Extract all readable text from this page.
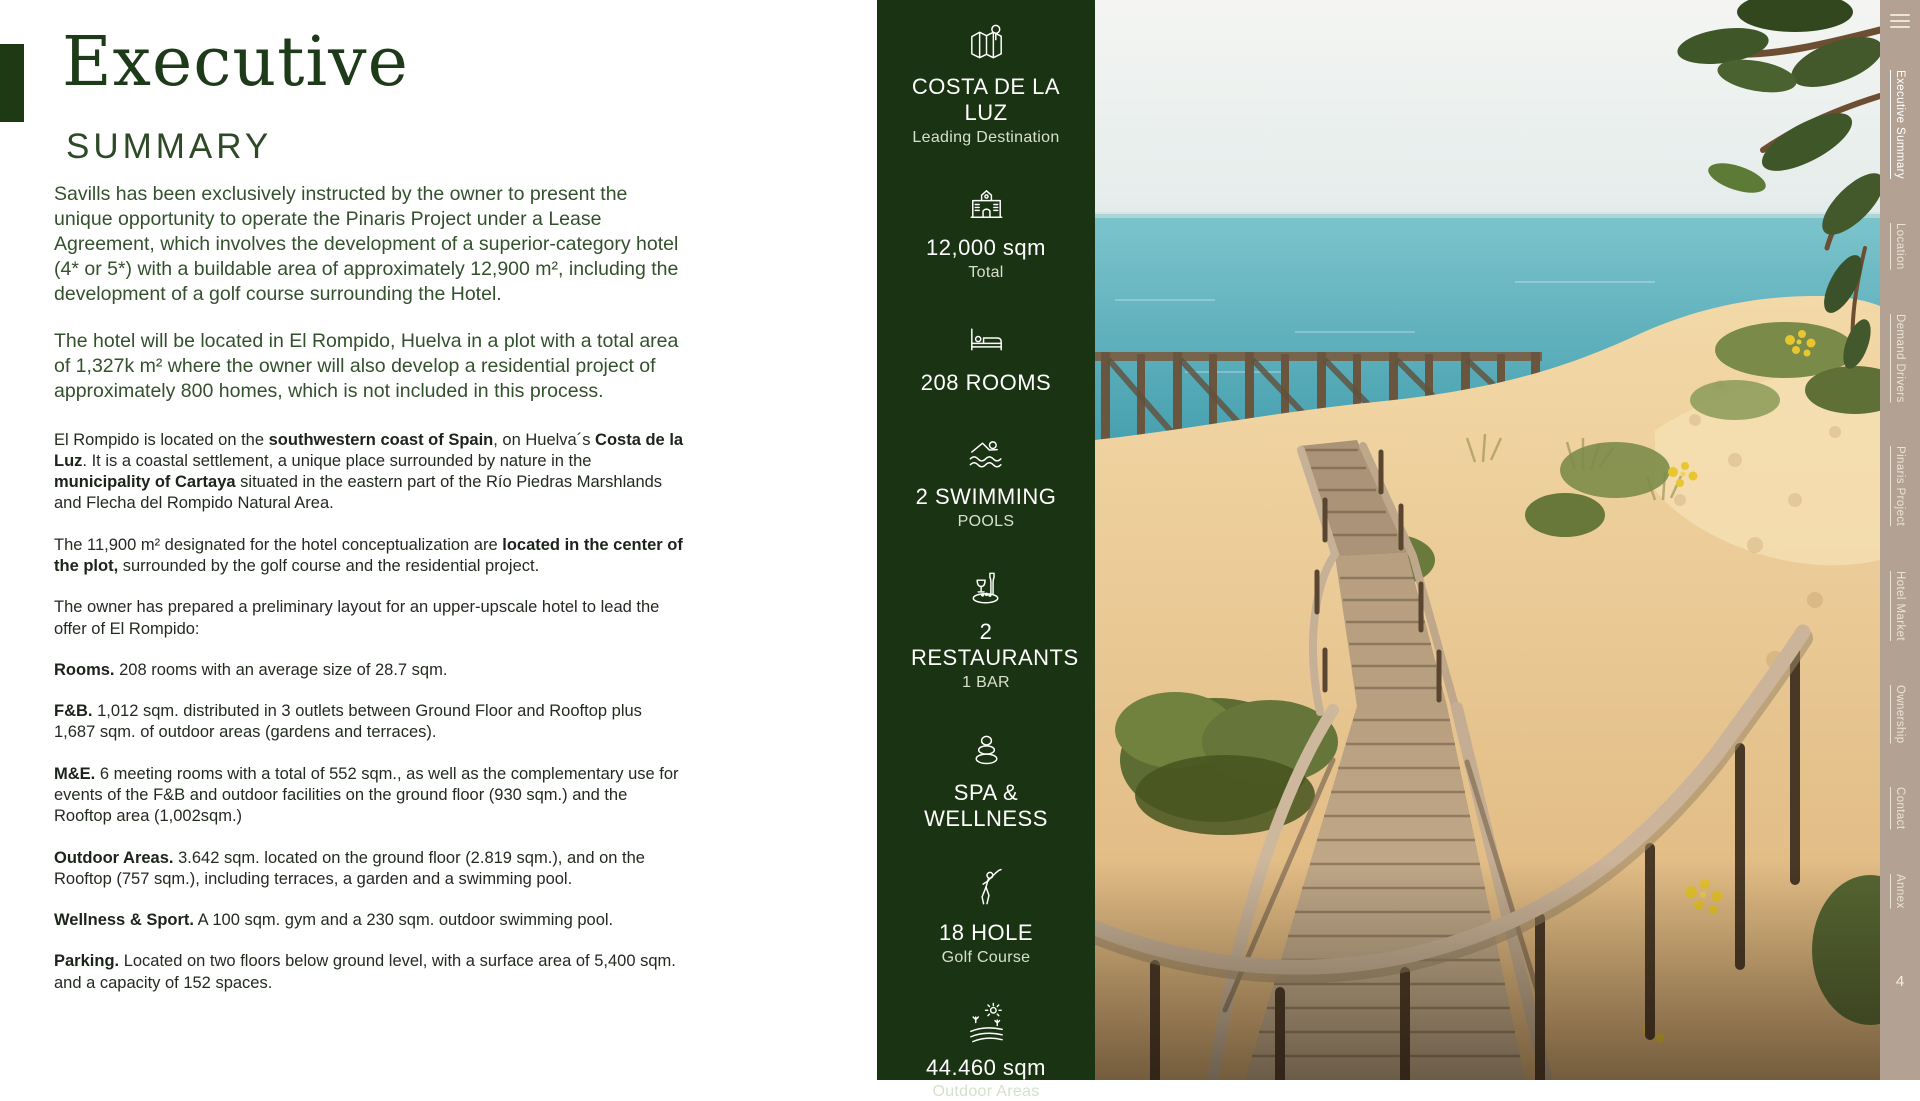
Executive
SUMMARY

Savills has been exclusively instructed by the owner to present the unique opportunity to operate the Pinaris Project under a Lease Agreement, which involves the development of a superior-category hotel (4* or 5*) with a buildable area of approximately 12,900 m², including the development of a golf course surrounding the Hotel.

The hotel will be located in El Rompido, Huelva in a plot with a total area of 1,327k m² where the owner will also develop a residential project of approximately 800 homes, which is not included in this process.

El Rompido is located on the southwestern coast of Spain, on Huelva´s Costa de la Luz. It is a coastal settlement, a unique place surrounded by nature in the municipality of Cartaya situated in the eastern part of the Río Piedras Marshlands and Flecha del Rompido Natural Area.

The 11,900 m² designated for the hotel conceptualization are located in the center of the plot, surrounded by the golf course and the residential project.

The owner has prepared a preliminary layout for an upper-upscale hotel to lead the offer of El Rompido:

Rooms. 208 rooms with an average size of 28.7 sqm.

F&B. 1,012 sqm. distributed in 3 outlets between Ground Floor and Rooftop plus 1,687 sqm. of outdoor areas (gardens and terraces).

M&E. 6 meeting rooms with a total of 552 sqm., as well as the complementary use for events of the F&B and outdoor facilities on the ground floor (930 sqm.) and the Rooftop area (1,002sqm.)

Outdoor Areas. 3.642 sqm. located on the ground floor (2.819 sqm.), and on the Rooftop (757 sqm.), including terraces, a garden and a swimming pool.

Wellness & Sport. A 100 sqm. gym and a 230 sqm. outdoor swimming pool.

Parking. Located on two floors below ground level, with a surface area of 5,400 sqm. and a capacity of 152 spaces.

COSTA DE LA LUZ
Leading Destination
12,000 sqm
Total
208 ROOMS
2 SWIMMING
POOLS
2 RESTAURANTS
1 BAR
SPA & WELLNESS
18 HOLE
Golf Course
44.460 sqm
Outdoor Areas
Executive Summary
Location
Demand Drivers
Pinaris Project
Hotel Market
Ownership
Contact
Annex
4
